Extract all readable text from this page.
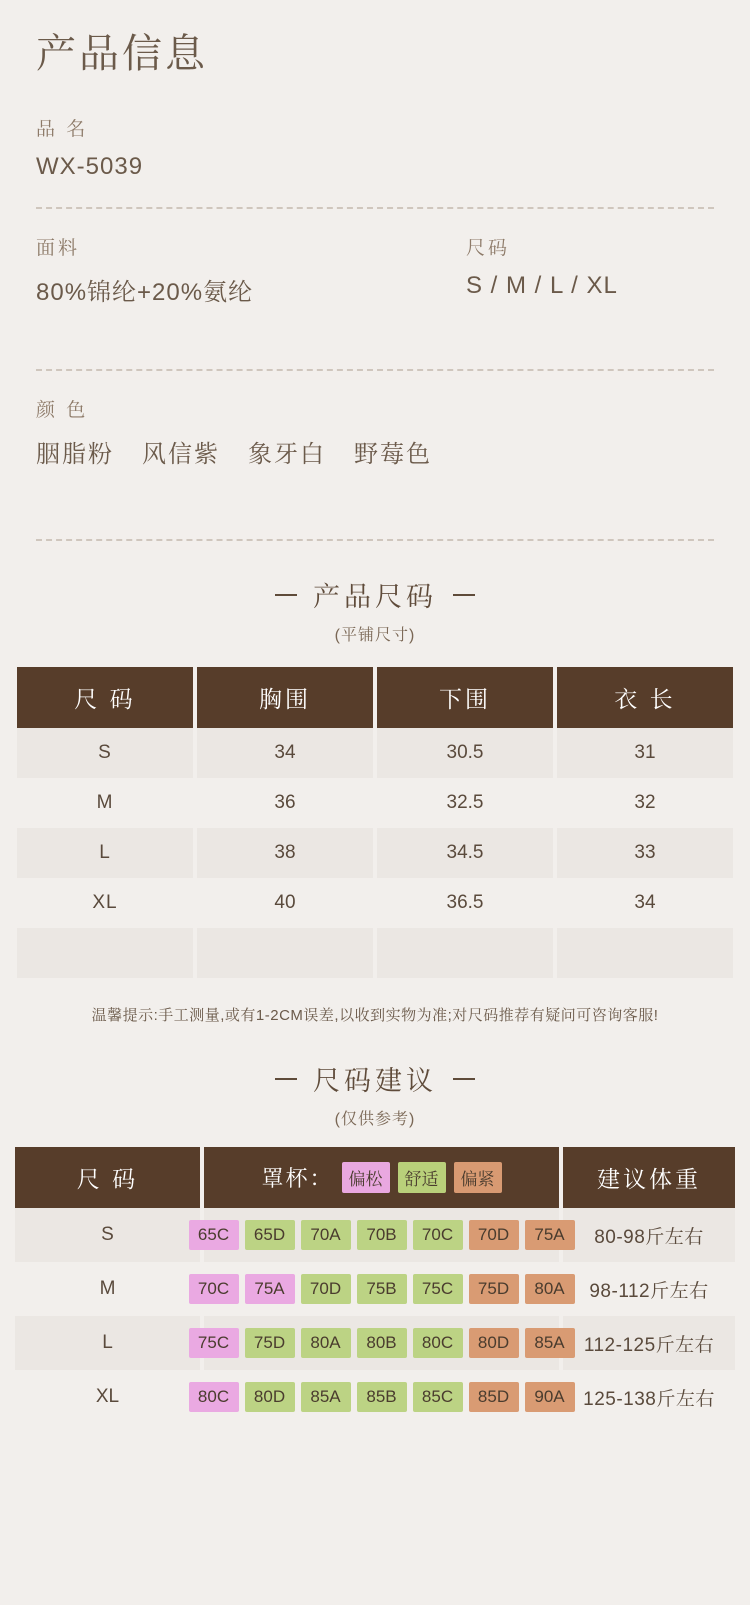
产品信息
品 名
WX-5039
面料
80%锦纶+20%氨纶
尺码
S / M / L / XL
颜 色
胭脂粉 风信紫 象牙白 野莓色
产品尺码
(平铺尺寸)
尺 码	胸围	下围	衣 长
S	34	30.5	31
M	36	32.5	32
L	38	34.5	33
XL	40	36.5	34

温馨提示:手工测量,或有1-2CM误差,以收到实物为准;对尺码推荐有疑问可咨询客服!
尺码建议
(仅供参考)
尺 码	罩杯： 偏松 舒适 偏紧	建议体重
S	65C	65D	70A	70B	70C	70D	75A	80-98斤左右
M	70C	75A	70D	75B	75C	75D	80A	98-112斤左右
L	75C	75D	80A	80B	80C	80D	85A	112-125斤左右
XL	80C	80D	85A	85B	85C	85D	90A	125-138斤左右
